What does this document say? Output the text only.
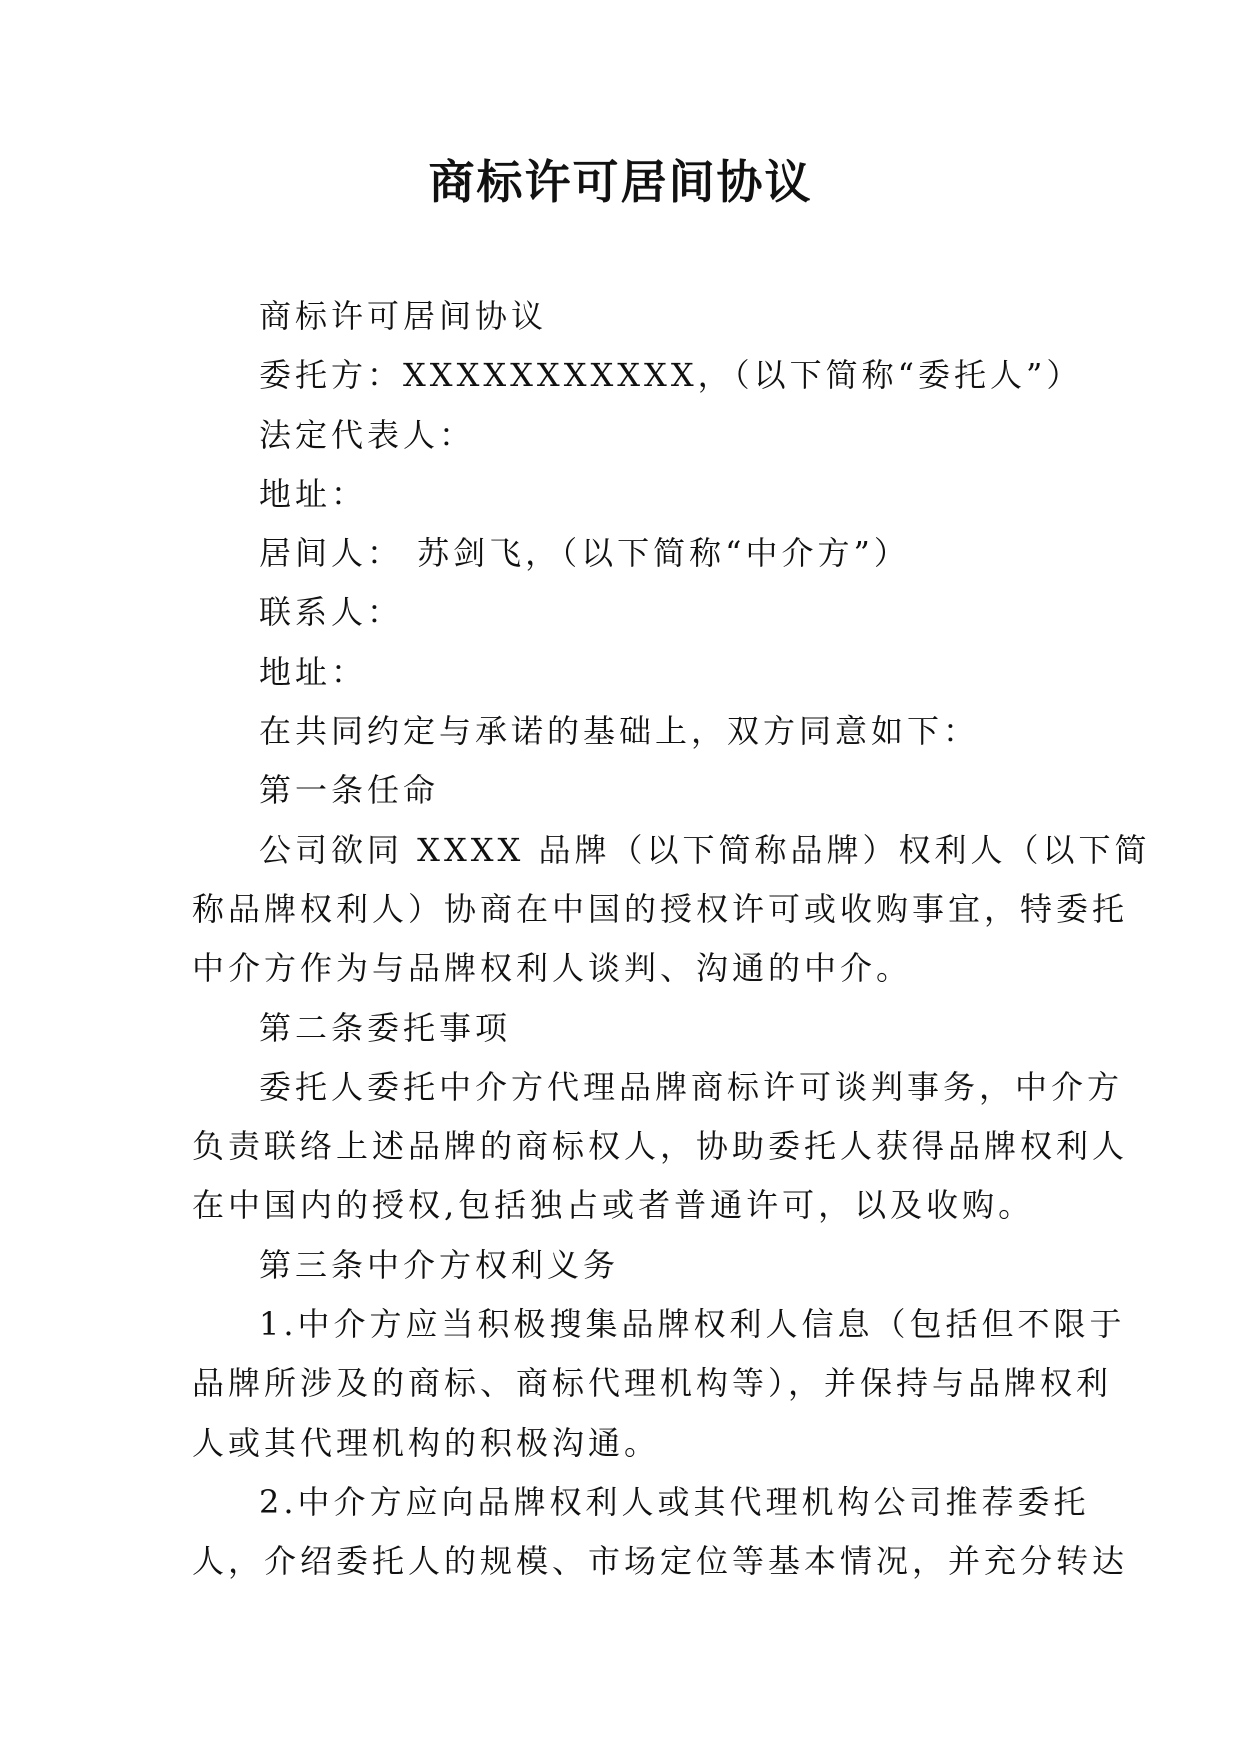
商标许可居间协议
商标许可居间协议
委托方：XXXXXXXXXXX，（以下简称“委托人”）
法定代表人：
地址：
居间人： 苏剑飞，（以下简称“中介方”）
联系人：
地址：
在共同约定与承诺的基础上，双方同意如下：
第一条任命
公司欲同 XXXX 品牌（以下简称品牌）权利人（以下简
称品牌权利人）协商在中国的授权许可或收购事宜，特委托
中介方作为与品牌权利人谈判、沟通的中介。
第二条委托事项
委托人委托中介方代理品牌商标许可谈判事务，中介方
负责联络上述品牌的商标权人，协助委托人获得品牌权利人
在中国内的授权,包括独占或者普通许可，以及收购。
第三条中介方权利义务
1.中介方应当积极搜集品牌权利人信息（包括但不限于
品牌所涉及的商标、商标代理机构等），并保持与品牌权利
人或其代理机构的积极沟通。
2.中介方应向品牌权利人或其代理机构公司推荐委托
人，介绍委托人的规模、市场定位等基本情况，并充分转达
